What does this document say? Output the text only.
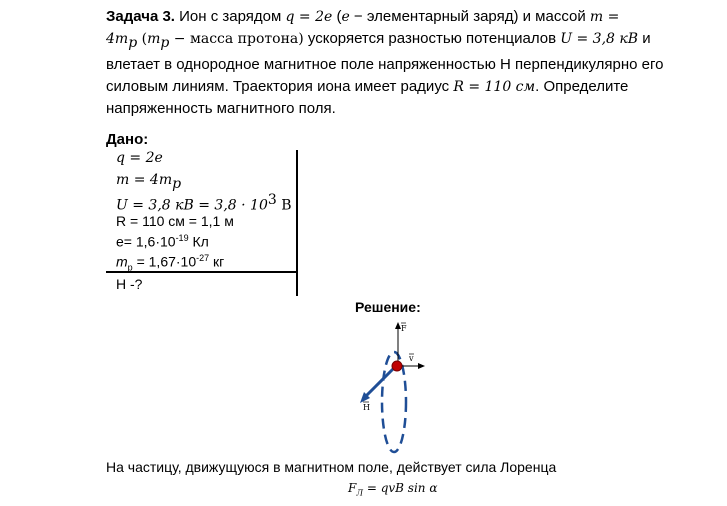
Задача 3. Ион с зарядом q = 2e (e − элементарный заряд) и массой m =
$4m_p$ ($m_p$ − масса протона) ускоряется разностью потенциалов U = 3,8 кВ и влетает в однородное магнитное поле напряженностью Н перпендикулярно его силовым линиям. Траектория иона имеет радиус R = 110 см. Определите напряженность магнитного поля.
Дано:
q = 2e
$m = 4m_p$
U = 3,8 кВ = $3,8 \cdot 10^3$ В
R = 110 см = 1,1 м
$e= 1,6\cdot 10^{-19}$ Кл
$m_p = 1,67\cdot 10^{-27}$ кг
Н -?
Решение:
F
v
H
На частицу, движущуюся в магнитном поле, действует сила Лоренца
$F_Л$ = qvB sin α
